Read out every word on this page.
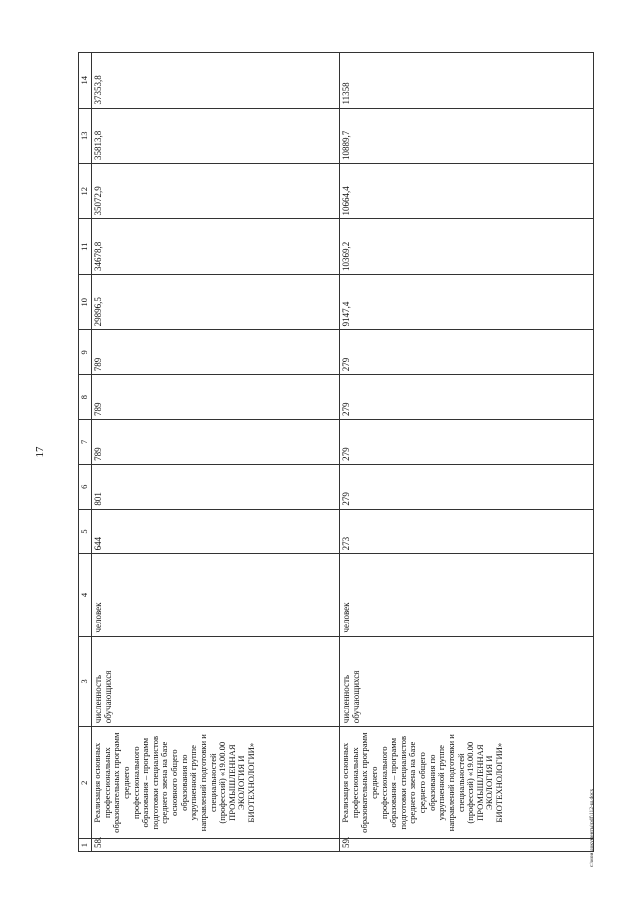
17
1	2	3	4	5	6	7	8	9	10	11	12	13	14
58.	Реализация основных профессиональных образовательных программ среднего профессионального образования – программ подготовки специалистов среднего звена на базе основного общего образования по укрупненной группе направлений подготовки и специальностей (профессий) «19.00.00 ПРОМЫШЛЕННАЯ ЭКОЛОГИЯ И БИОТЕХНОЛОГИИ»	численность обучающихся	человек	644	801	789	789	789	29896,5	34678,8	35072,9	35813,8	37353,8
59.	Реализация основных профессиональных образовательных программ среднего профессионального образования – программ подготовки специалистов среднего звена на базе среднего общего образования по укрупненной группе направлений подготовки и специальностей (профессий) «19.00.00 ПРОМЫШЛЕННАЯ ЭКОЛОГИЯ И БИОТЕХНОЛОГИИ»	численность обучающихся	человек	273	279	279	279	279	9147,4	10369,2	10664,4	10889,7	11358
c:\мои документы\pdf\112-ш.docx
